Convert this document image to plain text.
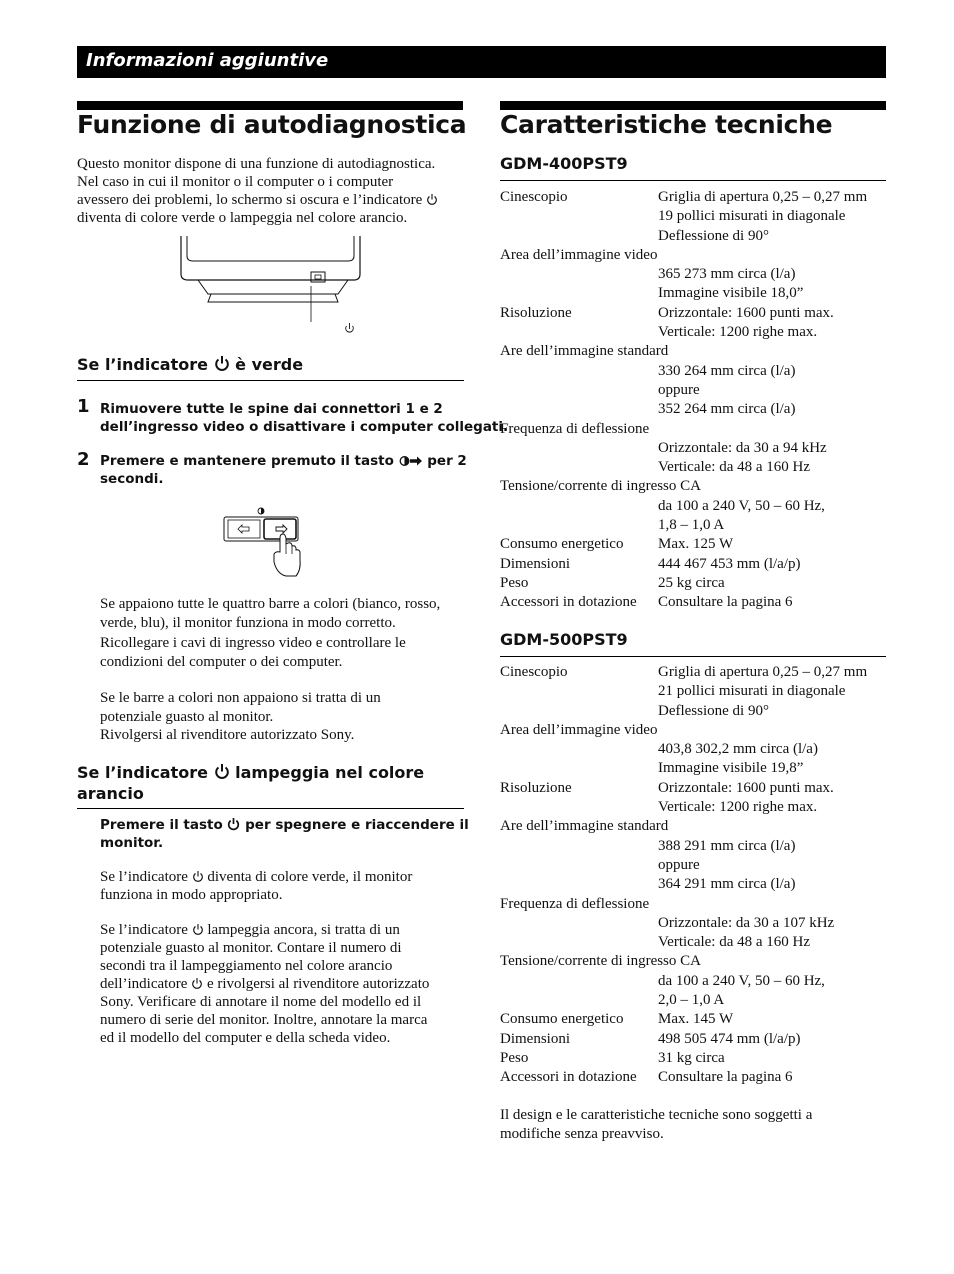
Informazioni aggiuntive
Funzione di autodiagnostica
Questo monitor dispone di una funzione di autodiagnostica.
Nel caso in cui il monitor o il computer o i computer
avessero dei problemi, lo schermo si oscura e l’indicatore
diventa di colore verde o lampeggia nel colore arancio.
Se l’indicatore è verde
1 Rimuovere tutte le spine dai connettori 1 e 2
dell’ingresso video o disattivare i computer collegati.
2 Premere e mantenere premuto il tasto per 2
secondi.
Se appaiono tutte le quattro barre a colori (bianco, rosso,
verde, blu), il monitor funziona in modo corretto.
Ricollegare i cavi di ingresso video e controllare le
condizioni del computer o dei computer.
Se le barre a colori non appaiono si tratta di un
potenziale guasto al monitor.
Rivolgersi al rivenditore autorizzato Sony.
Se l’indicatore lampeggia nel colore
arancio
Premere il tasto per spegnere e riaccendere il
monitor.
Se l’indicatore diventa di colore verde, il monitor
funziona in modo appropriato.
Se l’indicatore lampeggia ancora, si tratta di un
potenziale guasto al monitor. Contare il numero di
secondi tra il lampeggiamento nel colore arancio
dell’indicatore e rivolgersi al rivenditore autorizzato
Sony. Verificare di annotare il nome del modello ed il
numero di serie del monitor. Inoltre, annotare la marca
ed il modello del computer e della scheda video.
Caratteristiche tecniche
GDM-400PST9
Cinescopio	Griglia di apertura 0,25 – 0,27 mm
19 pollici misurati in diagonale
Deflessione di 90°
Area dell’immagine video
365 273 mm circa (l/a)
Immagine visibile 18,0”
Risoluzione	Orizzontale: 1600 punti max.
Verticale: 1200 righe max.
Are dell’immagine standard
330 264 mm circa (l/a)
oppure
352 264 mm circa (l/a)
Frequenza di deflessione
Orizzontale: da 30 a 94 kHz
Verticale: da 48 a 160 Hz
Tensione/corrente di ingresso CA
da 100 a 240 V, 50 – 60 Hz,
1,8 – 1,0 A
Consumo energetico Max. 125 W
Dimensioni	444 467 453 mm (l/a/p)
Peso	25 kg circa
Accessori in dotazione Consultare la pagina 6
GDM-500PST9
Cinescopio	Griglia di apertura 0,25 – 0,27 mm
21 pollici misurati in diagonale
Deflessione di 90°
Area dell’immagine video
403,8 302,2 mm circa (l/a)
Immagine visibile 19,8”
Risoluzione	Orizzontale: 1600 punti max.
Verticale: 1200 righe max.
Are dell’immagine standard
388 291 mm circa (l/a)
oppure
364 291 mm circa (l/a)
Frequenza di deflessione
Orizzontale: da 30 a 107 kHz
Verticale: da 48 a 160 Hz
Tensione/corrente di ingresso CA
da 100 a 240 V, 50 – 60 Hz,
2,0 – 1,0 A
Consumo energetico Max. 145 W
Dimensioni	498 505 474 mm (l/a/p)
Peso	31 kg circa
Accessori in dotazione Consultare la pagina 6
Il design e le caratteristiche tecniche sono soggetti a
modifiche senza preavviso.
